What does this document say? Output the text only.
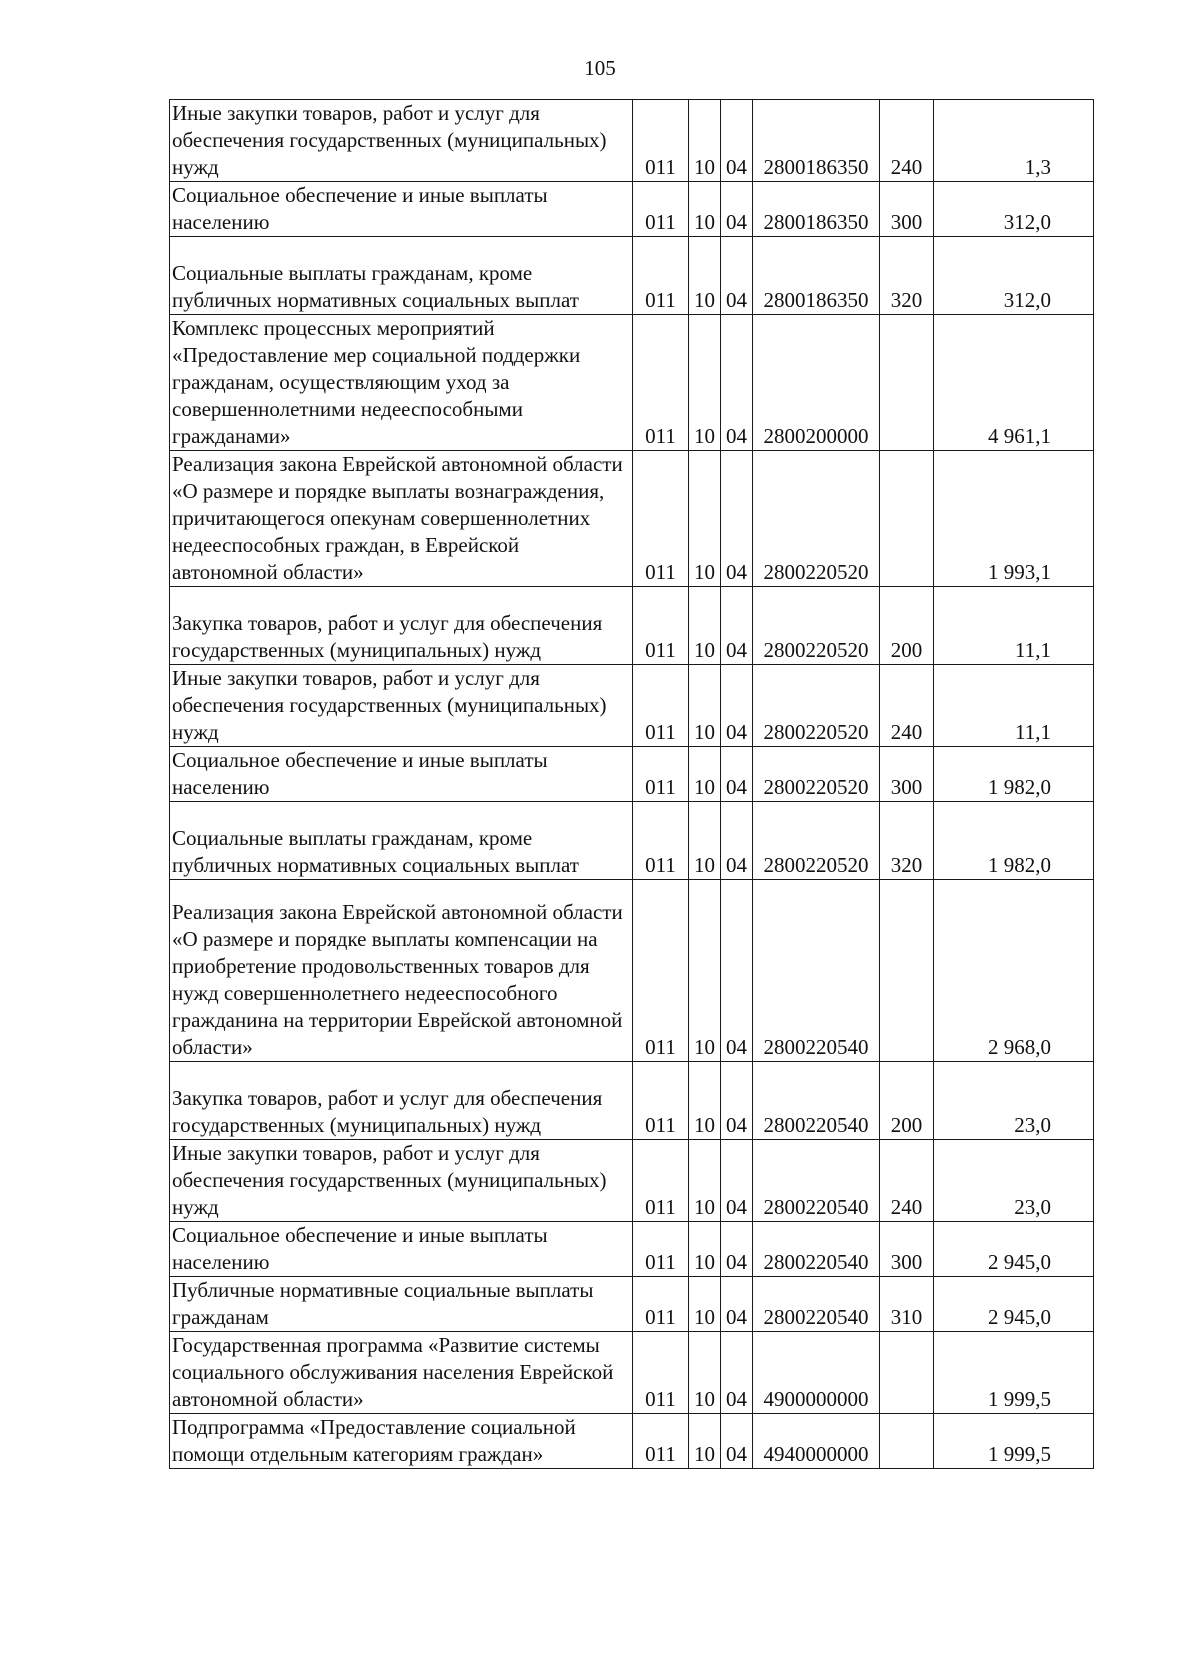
105
Иные закупки товаров, работ и услуг для обеспечения государственных (муниципальных) нужд	011	10	04	2800186350	240	1,3
Социальное обеспечение и иные выплаты населению	011	10	04	2800186350	300	312,0
Социальные выплаты гражданам, кроме публичных нормативных социальных выплат	011	10	04	2800186350	320	312,0
Комплекс процессных мероприятий «Предоставление мер социальной поддержки гражданам, осуществляющим уход за совершеннолетними недееспособными гражданами»	011	10	04	2800200000		4 961,1
Реализация закона Еврейской автономной области «О размере и порядке выплаты вознаграждения, причитающегося опекунам совершеннолетних недееспособных граждан, в Еврейской автономной области»	011	10	04	2800220520		1 993,1
Закупка товаров, работ и услуг для обеспечения государственных (муниципальных) нужд	011	10	04	2800220520	200	11,1
Иные закупки товаров, работ и услуг для обеспечения государственных (муниципальных) нужд	011	10	04	2800220520	240	11,1
Социальное обеспечение и иные выплаты населению	011	10	04	2800220520	300	1 982,0
Социальные выплаты гражданам, кроме публичных нормативных социальных выплат	011	10	04	2800220520	320	1 982,0
Реализация закона Еврейской автономной области «О размере и порядке выплаты компенсации на приобретение продовольственных товаров для нужд совершеннолетнего недееспособного гражданина на территории Еврейской автономной области»	011	10	04	2800220540		2 968,0
Закупка товаров, работ и услуг для обеспечения государственных (муниципальных) нужд	011	10	04	2800220540	200	23,0
Иные закупки товаров, работ и услуг для обеспечения государственных (муниципальных) нужд	011	10	04	2800220540	240	23,0
Социальное обеспечение и иные выплаты населению	011	10	04	2800220540	300	2 945,0
Публичные нормативные социальные выплаты гражданам	011	10	04	2800220540	310	2 945,0
Государственная программа «Развитие системы социального обслуживания населения Еврейской автономной области»	011	10	04	4900000000		1 999,5
Подпрограмма «Предоставление социальной помощи отдельным категориям граждан»	011	10	04	4940000000		1 999,5
